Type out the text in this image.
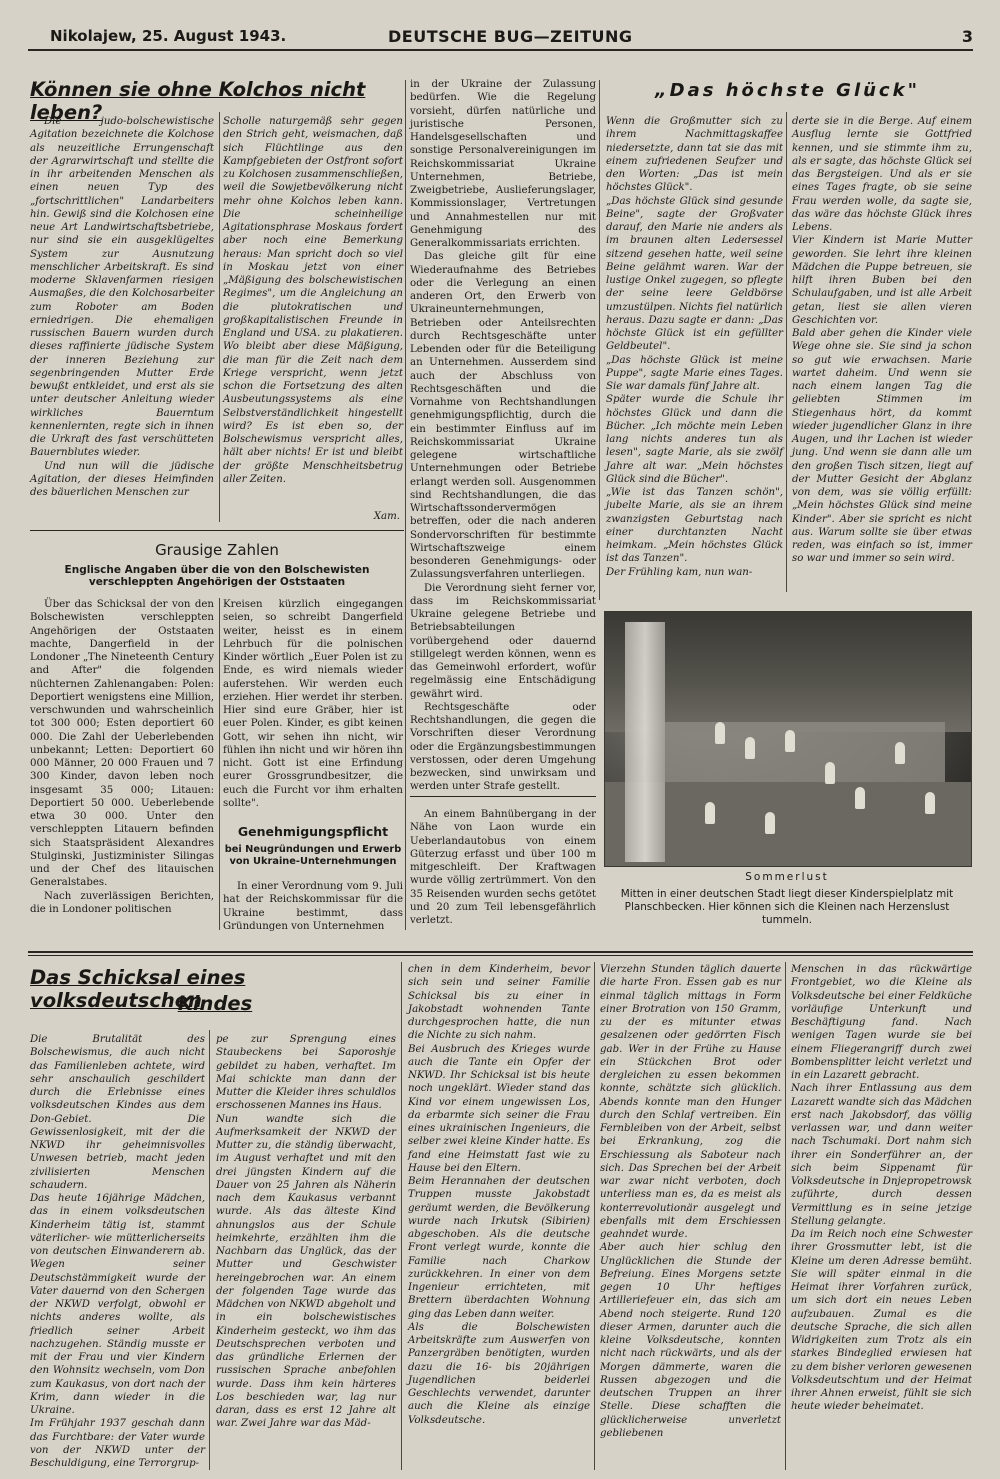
Nikolajew, 25. August 1943.	DEUTSCHE BUG—ZEITUNG	3
Können sie ohne Kolchos nicht leben?

Die judo-bolschewistische Agitation bezeichnete die Kolchose als neuzeitliche Errungenschaft der Agrarwirtschaft und stellte die in ihr arbeitenden Menschen als einen neuen Typ des „fortschrittlichen" Landarbeiters hin. Gewiß sind die Kolchosen eine neue Art Landwirtschaftsbetriebe, nur sind sie ein ausgeklügeltes System zur Ausnutzung menschlicher Arbeitskraft. Es sind moderne Sklavenfarmen riesigen Ausmaßes, die den Kolchosarbeiter zum Roboter am Boden erniedrigen. Die ehemaligen russischen Bauern wurden durch dieses raffinierte jüdische System der inneren Beziehung zur segenbringenden Mutter Erde bewußt entkleidet, und erst als sie unter deutscher Anleitung wieder wirkliches Bauerntum kennenlernten, regte sich in ihnen die Urkraft des fast verschütteten Bauernblutes wieder.

Und nun will die jüdische Agitation, der dieses Heimfinden des bäuerlichen Menschen zur

Scholle naturgemäß sehr gegen den Strich geht, weismachen, daß sich Flüchtlinge aus den Kampfgebieten der Ostfront sofort zu Kolchosen zusammenschließen, weil die Sowjetbevölkerung nicht mehr ohne Kolchos leben kann. Die scheinheilige Agitationsphrase Moskaus fordert aber noch eine Bemerkung heraus: Man spricht doch so viel in Moskau jetzt von einer „Mäßigung des bolschewistischen Regimes", um die Angleichung an die plutokratischen und großkapitalistischen Freunde in England und USA. zu plakatieren. Wo bleibt aber diese Mäßigung, die man für die Zeit nach dem Kriege verspricht, wenn jetzt schon die Fortsetzung des alten Ausbeutungssystems als eine Selbstverständlichkeit hingestellt wird? Es ist eben so, der Bolschewismus verspricht alles, hält aber nichts! Er ist und bleibt der größte Menschheitsbetrug aller Zeiten.

Xam.
Grausige Zahlen
Englische Angaben über die von den Bolschewisten verschleppten Angehörigen der Oststaaten

Über das Schicksal der von den Bolschewisten verschleppten Angehörigen der Oststaaten machte, Dangerfield in der Londoner „The Nineteenth Century and After" die folgenden nüchternen Zahlenangaben: Polen: Deportiert wenigstens eine Million, verschwunden und wahrscheinlich tot 300 000; Esten deportiert 60 000. Die Zahl der Ueberlebenden unbekannt; Letten: Deportiert 60 000 Männer, 20 000 Frauen und 7 300 Kinder, davon leben noch insgesamt 35 000; Litauen: Deportiert 50 000. Ueberlebende etwa 30 000. Unter den verschleppten Litauern befinden sich Staatspräsident Alexandres Stulginski, Justizminister Silingas und der Chef des litauischen Generalstabes.

Nach zuverlässigen Berichten, die in Londoner politischen

Kreisen kürzlich eingegangen seien, so schreibt Dangerfield weiter, heisst es in einem Lehrbuch für die polnischen Kinder wörtlich „Euer Polen ist zu Ende, es wird niemals wieder auferstehen. Wir werden euch erziehen. Hier werdet ihr sterben. Hier sind eure Gräber, hier ist euer Polen. Kinder, es gibt keinen Gott, wir sehen ihn nicht, wir fühlen ihn nicht und wir hören ihn nicht. Gott ist eine Erfindung eurer Grossgrundbesitzer, die euch die Furcht vor ihm erhalten sollte".

Genehmigungspflicht
bei Neugründungen und Erwerb von Ukraine-Unternehmungen

In einer Verordnung vom 9. Juli hat der Reichskommissar für die Ukraine bestimmt, dass Gründungen von Unternehmen

in der Ukraine der Zulassung bedürfen. Wie die Regelung vorsieht, dürfen natürliche und juristische Personen, Handelsgesellschaften und sonstige Personalvereinigungen im Reichskommissariat Ukraine Unternehmen, Betriebe, Zweigbetriebe, Auslieferungslager, Kommissionslager, Vertretungen und Annahmestellen nur mit Genehmigung des Generalkommissariats errichten.

Das gleiche gilt für eine Wiederaufnahme des Betriebes oder die Verlegung an einen anderen Ort, den Erwerb von Ukraineunternehmungen, Betrieben oder Anteilsrechten durch Rechtsgeschäfte unter Lebenden oder für die Beteiligung an Unternehmen. Ausserdem sind auch der Abschluss von Rechtsgeschäften und die Vornahme von Rechtshandlungen genehmigungspflichtig, durch die ein bestimmter Einfluss auf im Reichskommissariat Ukraine gelegene wirtschaftliche Unternehmungen oder Betriebe erlangt werden soll. Ausgenommen sind Rechtshandlungen, die das Wirtschaftssondervermögen betreffen, oder die nach anderen Sondervorschriften für bestimmte Wirtschaftszweige einem besonderen Genehmigungs- oder Zulassungsverfahren unterliegen.

Die Verordnung sieht ferner vor, dass im Reichskommissariat Ukraine gelegene Betriebe und Betriebsabteilungen vorübergehend oder dauernd stillgelegt werden können, wenn es das Gemeinwohl erfordert, wofür regelmässig eine Entschädigung gewährt wird.

Rechtsgeschäfte oder Rechtshandlungen, die gegen die Vorschriften dieser Verordnung oder die Ergänzungsbestimmungen verstossen, oder deren Umgehung bezwecken, sind unwirksam und werden unter Strafe gestellt.

An einem Bahnübergang in der Nähe von Laon wurde ein Ueberlandautobus von einem Güterzug erfasst und über 100 m mitgeschleift. Der Kraftwagen wurde völlig zertrümmert. Von den 35 Reisenden wurden sechs getötet und 20 zum Teil lebensgefährlich verletzt.

„Das höchste Glück"
Wenn die Großmutter sich zu ihrem Nachmittagskaffee niedersetzte, dann tat sie das mit einem zufriedenen Seufzer und den Worten: „Das ist mein höchstes Glück".
„Das höchste Glück sind gesunde Beine", sagte der Großvater darauf, den Marie nie anders als im braunen alten Ledersessel sitzend gesehen hatte, weil seine Beine gelähmt waren. War der lustige Onkel zugegen, so pflegte der seine leere Geldbörse umzustülpen. Nichts fiel natürlich heraus. Dazu sagte er dann: „Das höchste Glück ist ein gefüllter Geldbeutel".
„Das höchste Glück ist meine Puppe", sagte Marie eines Tages. Sie war damals fünf Jahre alt.
Später wurde die Schule ihr höchstes Glück und dann die Bücher. „Ich möchte mein Leben lang nichts anderes tun als lesen", sagte Marie, als sie zwölf Jahre alt war. „Mein höchstes Glück sind die Bücher".
„Wie ist das Tanzen schön", jubelte Marie, als sie an ihrem zwanzigsten Geburtstag nach einer durchtanzten Nacht heimkam. „Mein höchstes Glück ist das Tanzen".
Der Frühling kam, nun wan-
derte sie in die Berge. Auf einem Ausflug lernte sie Gottfried kennen, und sie stimmte ihm zu, als er sagte, das höchste Glück sei das Bergsteigen. Und als er sie eines Tages fragte, ob sie seine Frau werden wolle, da sagte sie, das wäre das höchste Glück ihres Lebens.
Vier Kindern ist Marie Mutter geworden. Sie lehrt ihre kleinen Mädchen die Puppe betreuen, sie hilft ihren Buben bei den Schulaufgaben, und ist alle Arbeit getan, liest sie allen vieren Geschichten vor.
Bald aber gehen die Kinder viele Wege ohne sie. Sie sind ja schon so gut wie erwachsen. Marie wartet daheim. Und wenn sie nach einem langen Tag die geliebten Stimmen im Stiegenhaus hört, da kommt wieder jugendlicher Glanz in ihre Augen, und ihr Lachen ist wieder jung. Und wenn sie dann alle um den großen Tisch sitzen, liegt auf der Mutter Gesicht der Abglanz von dem, was sie völlig erfüllt: „Mein höchstes Glück sind meine Kinder". Aber sie spricht es nicht aus. Warum sollte sie über etwas reden, was einfach so ist, immer so war und immer so sein wird.
Sommerlust
Mitten in einer deutschen Stadt liegt dieser Kinderspielplatz mit Planschbecken. Hier können sich die Kleinen nach Herzenslust tummeln.
Das Schicksal eines volksdeutschen
Kindes
Die Brutalität des Bolschewismus, die auch nicht das Familienleben achtete, wird sehr anschaulich geschildert durch die Erlebnisse eines volksdeutschen Kindes aus dem Don-Gebiet. Die Gewissenlosigkeit, mit der die NKWD ihr geheimnisvolles Unwesen betrieb, macht jeden zivilisierten Menschen schaudern.
Das heute 16jährige Mädchen, das in einem volksdeutschen Kinderheim tätig ist, stammt väterlicher- wie mütterlicherseits von deutschen Einwanderern ab. Wegen seiner Deutschstämmigkeit wurde der Vater dauernd von den Schergen der NKWD verfolgt, obwohl er nichts anderes wollte, als friedlich seiner Arbeit nachzugehen. Ständig musste er mit der Frau und vier Kindern den Wohnsitz wechseln, vom Don zum Kaukasus, von dort nach der Krim, dann wieder in die Ukraine.
Im Frühjahr 1937 geschah dann das Furchtbare: der Vater wurde von der NKWD unter der Beschuldigung, eine Terrorgrup-
pe zur Sprengung eines Staubeckens bei Saporoshje gebildet zu haben, verhaftet. Im Mai schickte man dann der Mutter die Kleider ihres schuldlos erschossenen Mannes ins Haus.
Nun wandte sich die Aufmerksamkeit der NKWD der Mutter zu, die ständig überwacht, im August verhaftet und mit den drei jüngsten Kindern auf die Dauer von 25 Jahren als Näherin nach dem Kaukasus verbannt wurde. Als das älteste Kind ahnungslos aus der Schule heimkehrte, erzählten ihm die Nachbarn das Unglück, das der Mutter und Geschwister hereingebrochen war. An einem der folgenden Tage wurde das Mädchen von NKWD abgeholt und in ein bolschewistisches Kinderheim gesteckt, wo ihm das Deutschsprechen verboten und das gründliche Erlernen der russischen Sprache anbefohlen wurde. Dass ihm kein härteres Los beschieden war, lag nur daran, dass es erst 12 Jahre alt war. Zwei Jahre war das Mäd-
chen in dem Kinderheim, bevor sich sein und seiner Familie Schicksal bis zu einer in Jakobstadt wohnenden Tante durchgesprochen hatte, die nun die Nichte zu sich nahm.
Bei Ausbruch des Krieges wurde auch die Tante ein Opfer der NKWD. Ihr Schicksal ist bis heute noch ungeklärt. Wieder stand das Kind vor einem ungewissen Los, da erbarmte sich seiner die Frau eines ukrainischen Ingenieurs, die selber zwei kleine Kinder hatte. Es fand eine Heimstatt fast wie zu Hause bei den Eltern.
Beim Herannahen der deutschen Truppen musste Jakobstadt geräumt werden, die Bevölkerung wurde nach Irkutsk (Sibirien) abgeschoben. Als die deutsche Front verlegt wurde, konnte die Familie nach Charkow zurückkehren. In einer von dem Ingenieur errichteten, mit Brettern überdachten Wohnung ging das Leben dann weiter.
Als die Bolschewisten Arbeitskräfte zum Auswerfen von Panzergräben benötigten, wurden dazu die 16- bis 20jährigen Jugendlichen beiderlei Geschlechts verwendet, darunter auch die Kleine als einzige Volksdeutsche.
Vierzehn Stunden täglich dauerte die harte Fron. Essen gab es nur einmal täglich mittags in Form einer Brotration von 150 Gramm, zu der es mitunter etwas gesalzenen oder gedörrten Fisch gab. Wer in der Frühe zu Hause ein Stückchen Brot oder dergleichen zu essen bekommen konnte, schätzte sich glücklich. Abends konnte man den Hunger durch den Schlaf vertreiben. Ein Fernbleiben von der Arbeit, selbst bei Erkrankung, zog die Erschiessung als Saboteur nach sich. Das Sprechen bei der Arbeit war zwar nicht verboten, doch unterliess man es, da es meist als konterrevolutionär ausgelegt und ebenfalls mit dem Erschiessen geahndet wurde.
Aber auch hier schlug den Unglücklichen die Stunde der Befreiung. Eines Morgens setzte gegen 10 Uhr heftiges Artilleriefeuer ein, das sich am Abend noch steigerte. Rund 120 dieser Armen, darunter auch die kleine Volksdeutsche, konnten nicht nach rückwärts, und als der Morgen dämmerte, waren die Russen abgezogen und die deutschen Truppen an ihrer Stelle. Diese schafften die glücklicherweise unverletzt gebliebenen
Menschen in das rückwärtige Frontgebiet, wo die Kleine als Volksdeutsche bei einer Feldküche vorläufige Unterkunft und Beschäftigung fand. Nach wenigen Tagen wurde sie bei einem Fliegerangriff durch zwei Bombensplitter leicht verletzt und in ein Lazarett gebracht.
Nach ihrer Entlassung aus dem Lazarett wandte sich das Mädchen erst nach Jakobsdorf, das völlig verlassen war, und dann weiter nach Tschumaki. Dort nahm sich ihrer ein Sonderführer an, der sich beim Sippenamt für Volksdeutsche in Dnjepropetrowsk zuführte, durch dessen Vermittlung es in seine jetzige Stellung gelangte.
Da im Reich noch eine Schwester ihrer Grossmutter lebt, ist die Kleine um deren Adresse bemüht. Sie will später einmal in die Heimat ihrer Vorfahren zurück, um sich dort ein neues Leben aufzubauen. Zumal es die deutsche Sprache, die sich allen Widrigkeiten zum Trotz als ein starkes Bindeglied erwiesen hat zu dem bisher verloren gewesenen Volksdeutschtum und der Heimat ihrer Ahnen erweist, fühlt sie sich heute wieder beheimatet.
